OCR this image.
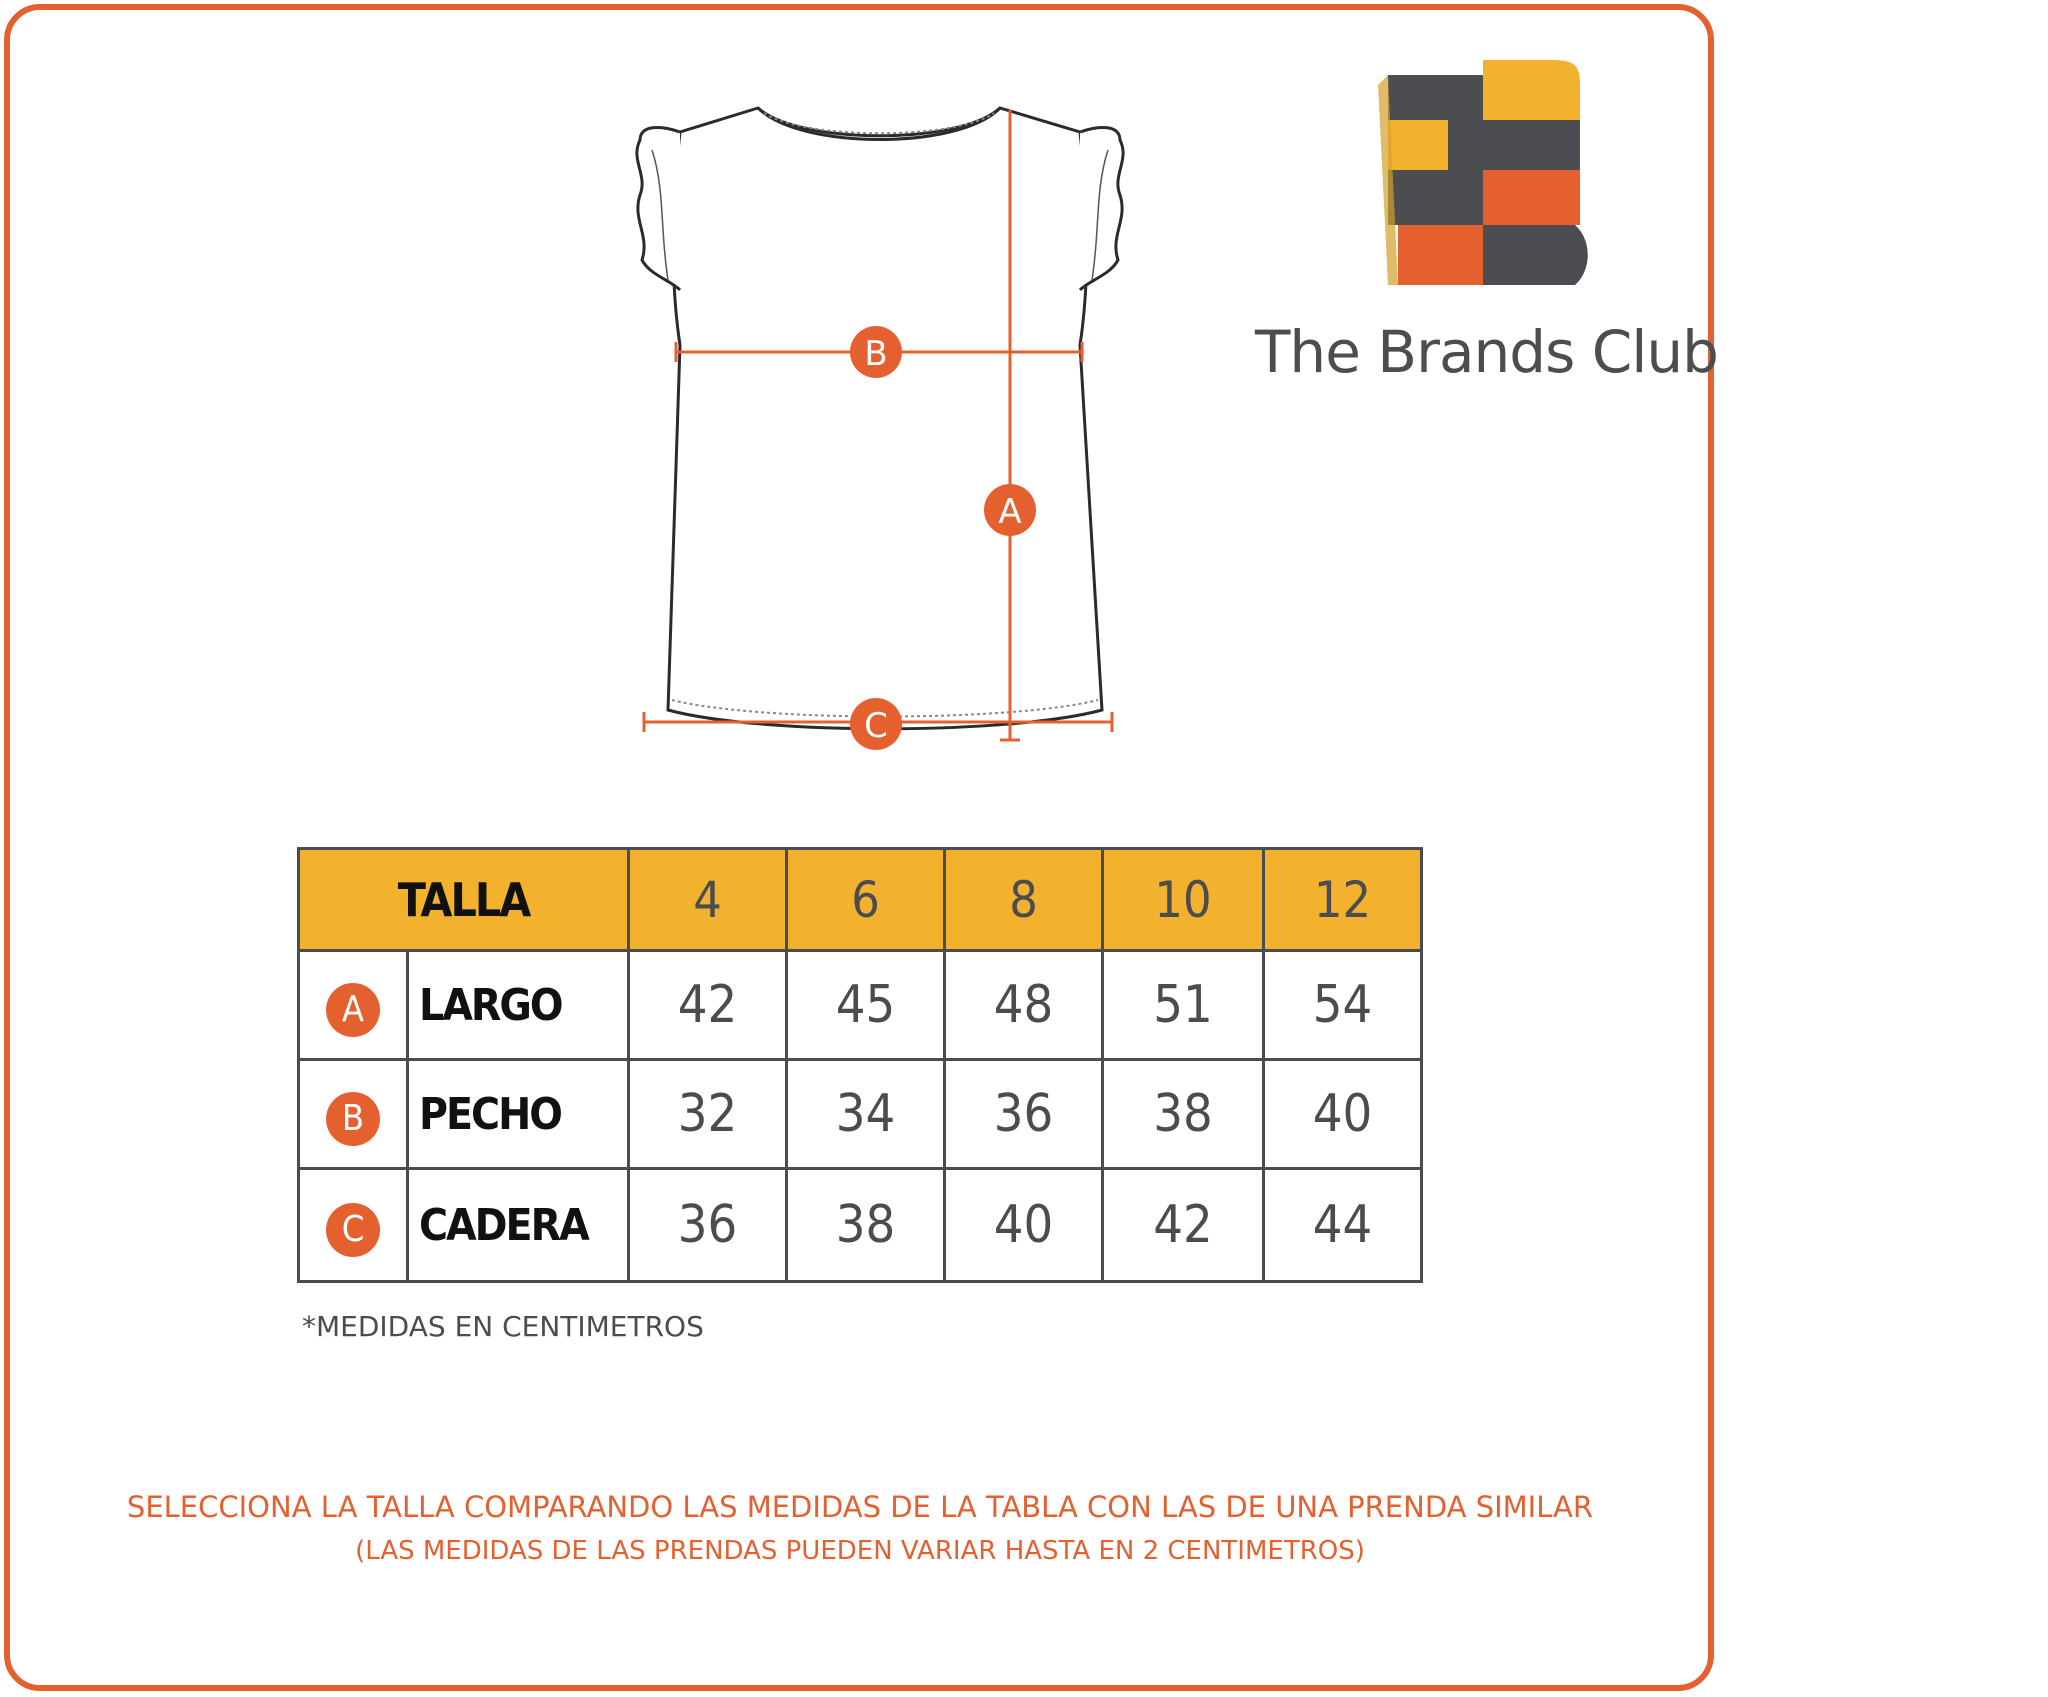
A
B
C
The Brands Club
TALLA		4	6	8	10	12
A	LARGO	42	45	48	51	54
B	PECHO	32	34	36	38	40
C	CADERA	36	38	40	42	44
*MEDIDAS EN CENTIMETROS
SELECCIONA LA TALLA COMPARANDO LAS MEDIDAS DE LA TABLA CON LAS DE UNA PRENDA SIMILAR
(LAS MEDIDAS DE LAS PRENDAS PUEDEN VARIAR HASTA EN 2 CENTIMETROS)
